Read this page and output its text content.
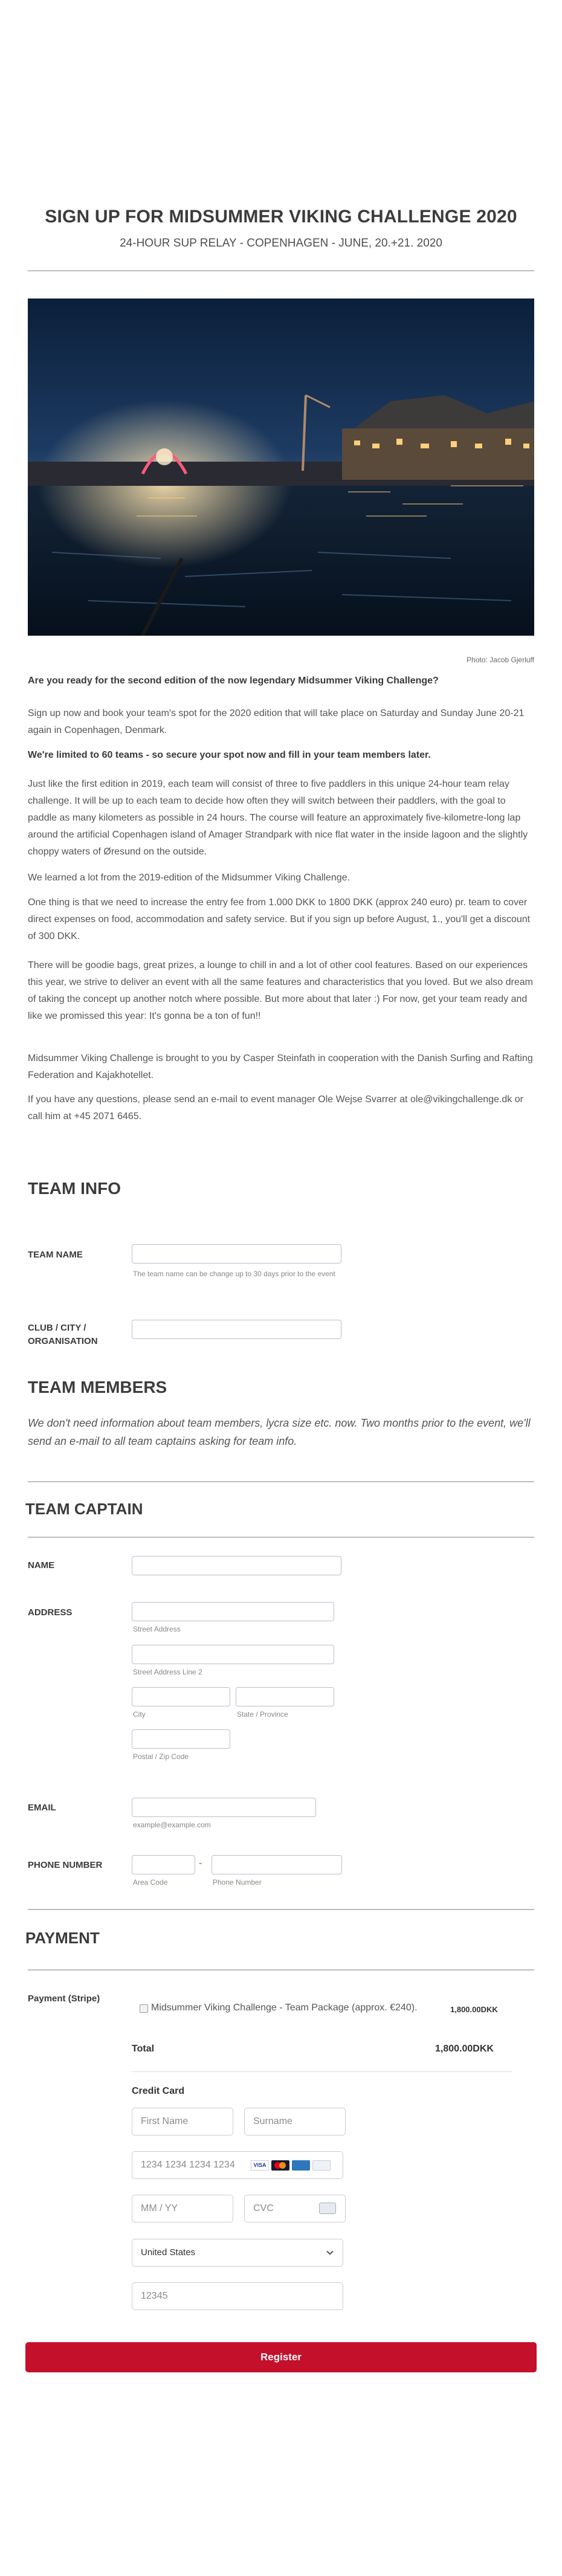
SIGN UP FOR MIDSUMMER VIKING CHALLENGE 2020
24-HOUR SUP RELAY - COPENHAGEN - JUNE, 20.+21. 2020
Photo: Jacob Gjerluff
Are you ready for the second edition of the now legendary Midsummer Viking Challenge?
Sign up now and book your team's spot for the 2020 edition that will take place on Saturday and Sunday June 20-21 again in Copenhagen, Denmark.
We're limited to 60 teams - so secure your spot now and fill in your team members later.
Just like the first edition in 2019, each team will consist of three to five paddlers in this unique 24-hour team relay challenge. It will be up to each team to decide how often they will switch between their paddlers, with the goal to paddle as many kilometers as possible in 24 hours. The course will feature an approximately five-kilometre-long lap around the artificial Copenhagen island of Amager Strandpark with nice flat water in the inside lagoon and the slightly choppy waters of Øresund on the outside.
We learned a lot from the 2019-edition of the Midsummer Viking Challenge.
One thing is that we need to increase the entry fee from 1.000 DKK to 1800 DKK (approx 240 euro) pr. team to cover direct expenses on food, accommodation and safety service. But if you sign up before August, 1., you'll get a discount of 300 DKK.
There will be goodie bags, great prizes, a lounge to chill in and a lot of other cool features. Based on our experiences this year, we strive to deliver an event with all the same features and characteristics that you loved. But we also dream of taking the concept up another notch where possible. But more about that later :) For now, get your team ready and like we promissed this year: It's gonna be a ton of fun!!
Midsummer Viking Challenge is brought to you by Casper Steinfath in cooperation with the Danish Surfing and Rafting Federation and Kajakhotellet.
If you have any questions, please send an e-mail to event manager Ole Wejse Svarrer at ole@vikingchallenge.dk or call him at +45 2071 6465.
TEAM INFO
TEAM NAME
The team name can be change up to 30 days prior to the event
CLUB / CITY / ORGANISATION
TEAM MEMBERS
We don't need information about team members, lycra size etc. now. Two months prior to the event, we'll send an e-mail to all team captains asking for team info.
TEAM CAPTAIN
NAME
ADDRESS
Street Address
Street Address Line 2
City	State / Province
Postal / Zip Code
EMAIL
example@example.com
PHONE NUMBER	-
Area Code	Phone Number
PAYMENT
Payment (Stripe)
Midsummer Viking Challenge - Team Package (approx. €240).	1,800.00DKK
Total	1,800.00DKK
Credit Card
First Name	Surname
1234 1234 1234 1234	VISA
MM / YY	CVC
United States
12345
Register
